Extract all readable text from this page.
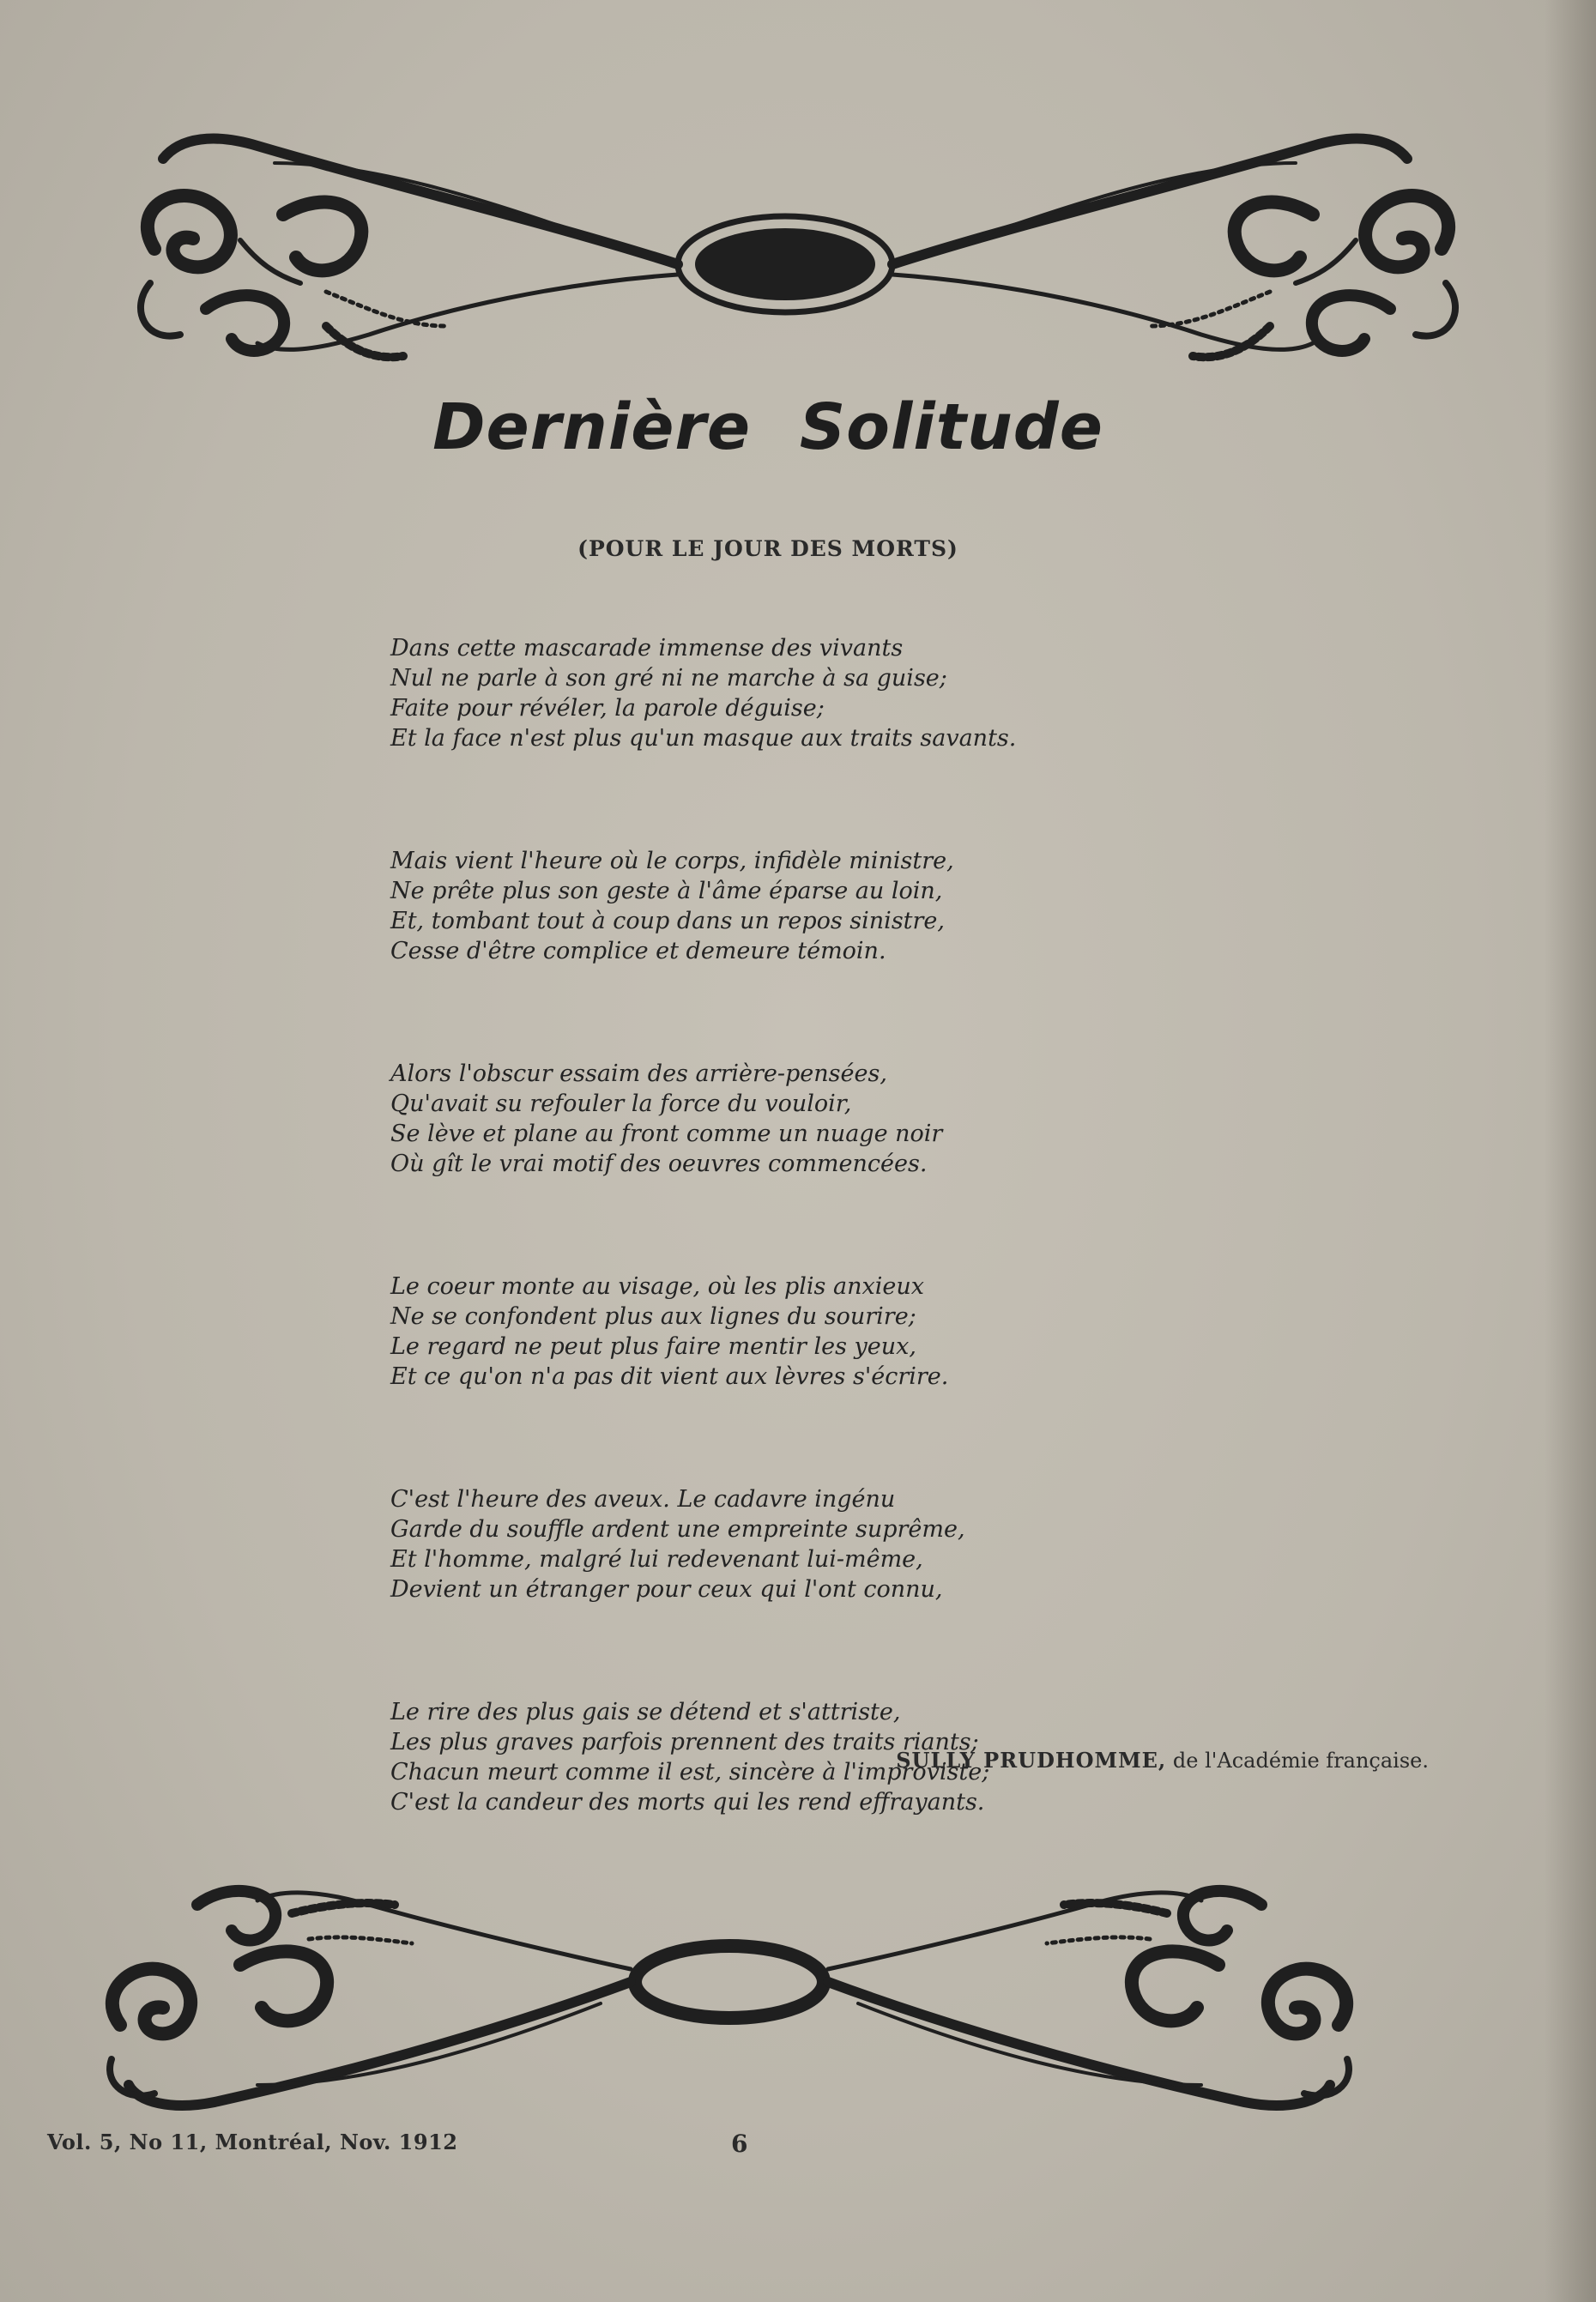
Dernière Solitude
(POUR LE JOUR DES MORTS)
Dans cette mascarade immense des vivants
Nul ne parle à son gré ni ne marche à sa guise;
Faite pour révéler, la parole déguise;
Et la face n'est plus qu'un masque aux traits savants.
Mais vient l'heure où le corps, infidèle ministre,
Ne prête plus son geste à l'âme éparse au loin,
Et, tombant tout à coup dans un repos sinistre,
Cesse d'être complice et demeure témoin.
Alors l'obscur essaim des arrière-pensées,
Qu'avait su refouler la force du vouloir,
Se lève et plane au front comme un nuage noir
Où gît le vrai motif des oeuvres commencées.
Le coeur monte au visage, où les plis anxieux
Ne se confondent plus aux lignes du sourire;
Le regard ne peut plus faire mentir les yeux,
Et ce qu'on n'a pas dit vient aux lèvres s'écrire.
C'est l'heure des aveux. Le cadavre ingénu
Garde du souffle ardent une empreinte suprême,
Et l'homme, malgré lui redevenant lui-même,
Devient un étranger pour ceux qui l'ont connu,
Le rire des plus gais se détend et s'attriste,
Les plus graves parfois prennent des traits riants;
Chacun meurt comme il est, sincère à l'improviste;
C'est la candeur des morts qui les rend effrayants.
SULLY PRUDHOMME, de l'Académie française.
Vol. 5, No 11, Montréal, Nov. 1912	6
